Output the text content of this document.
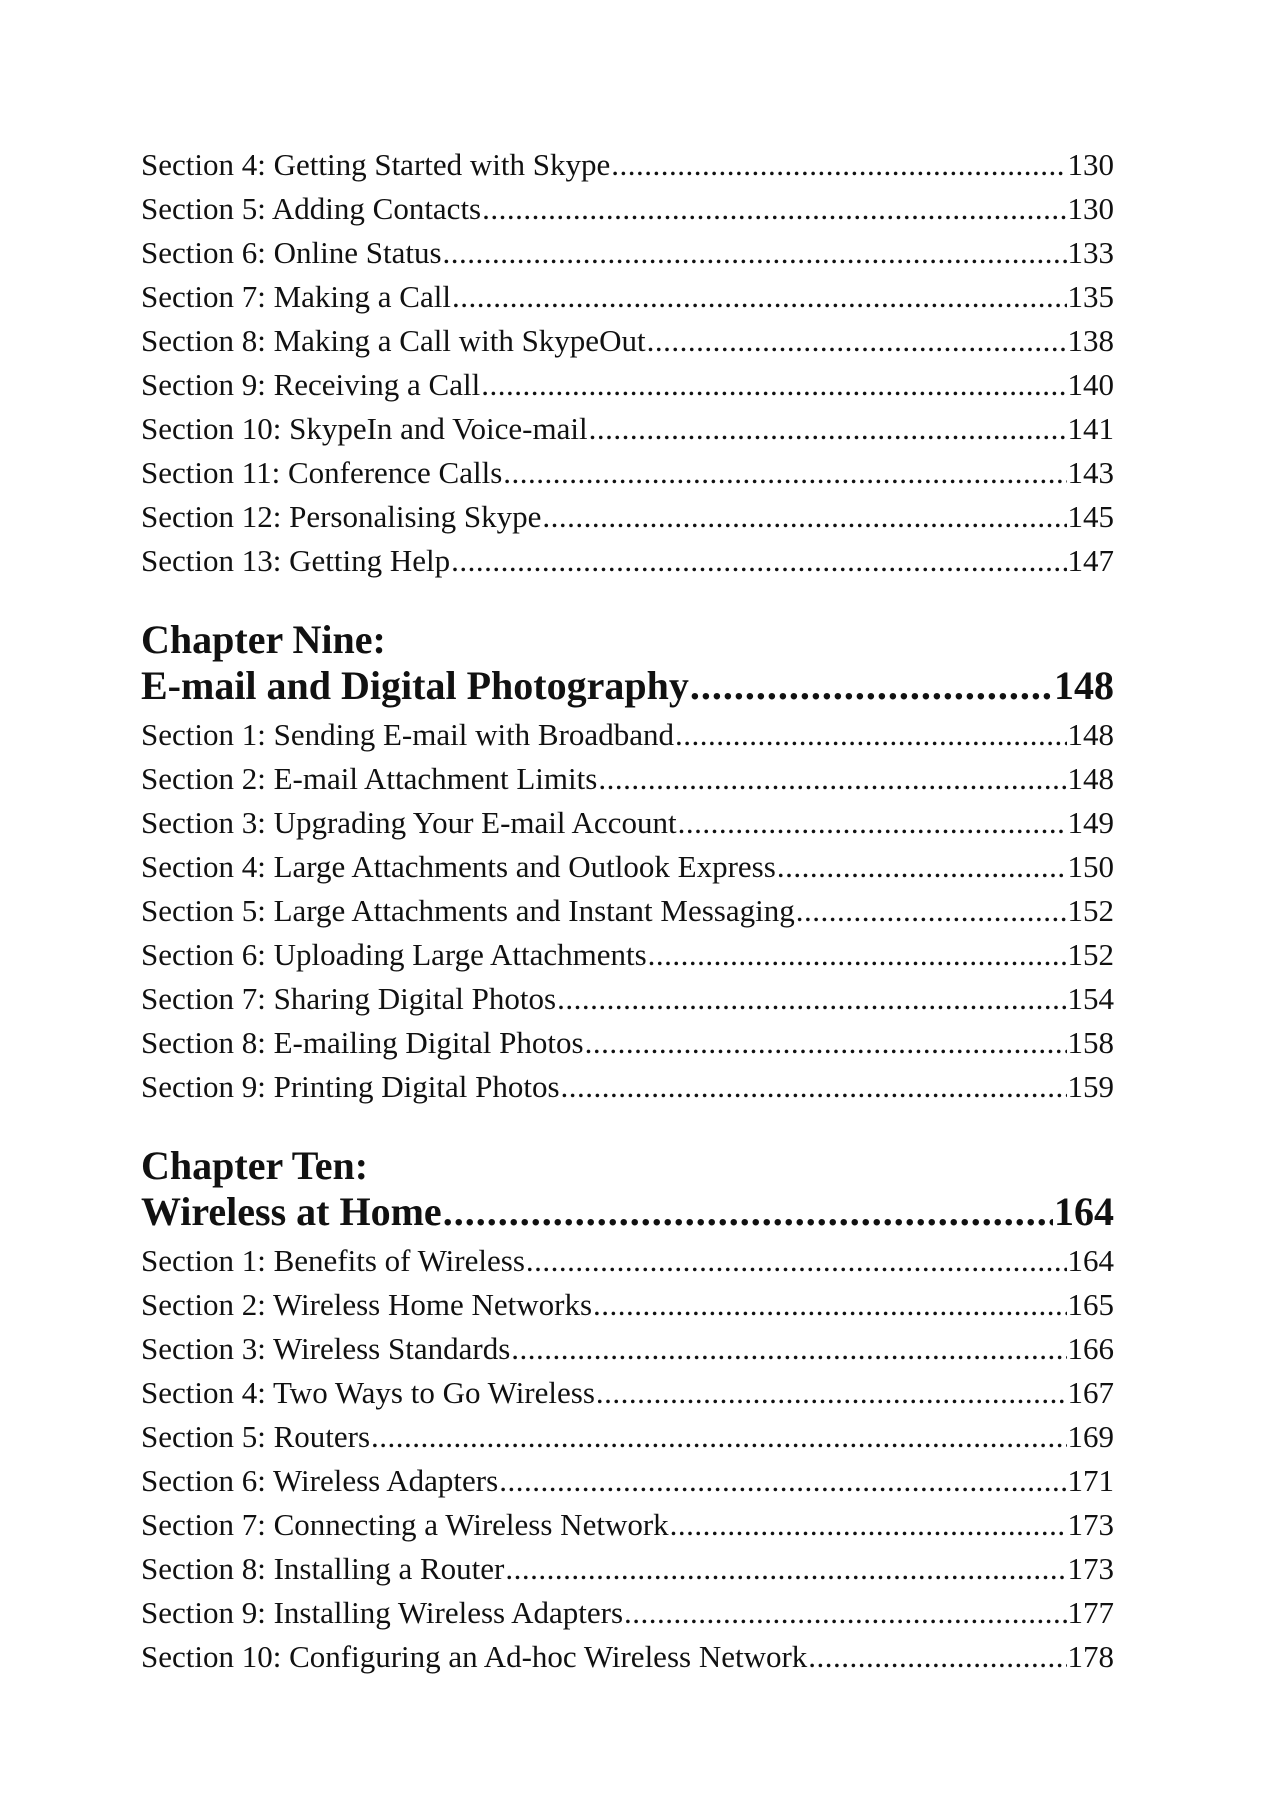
Section 4: Getting Started with Skype .....	130
Section 5: Adding Contacts .....	130
Section 6: Online Status .....	133
Section 7: Making a Call .....	135
Section 8: Making a Call with SkypeOut .....	138
Section 9: Receiving a Call .....	140
Section 10: SkypeIn and Voice-mail .....	141
Section 11: Conference Calls .....	143
Section 12: Personalising Skype .....	145
Section 13: Getting Help .....	147
Chapter Nine:
E-mail and Digital Photography .....	148
Section 1: Sending E-mail with Broadband .....	148
Section 2: E-mail Attachment Limits .....	148
Section 3: Upgrading Your E-mail Account .....	149
Section 4: Large Attachments and Outlook Express .....	150
Section 5: Large Attachments and Instant Messaging .....	152
Section 6: Uploading Large Attachments .....	152
Section 7: Sharing Digital Photos .....	154
Section 8: E-mailing Digital Photos .....	158
Section 9: Printing Digital Photos .....	159
Chapter Ten:
Wireless at Home .....	164
Section 1: Benefits of Wireless .....	164
Section 2: Wireless Home Networks .....	165
Section 3: Wireless Standards .....	166
Section 4: Two Ways to Go Wireless .....	167
Section 5: Routers .....	169
Section 6: Wireless Adapters .....	171
Section 7: Connecting a Wireless Network .....	173
Section 8: Installing a Router .....	173
Section 9: Installing Wireless Adapters .....	177
Section 10: Configuring an Ad-hoc Wireless Network .....	178
